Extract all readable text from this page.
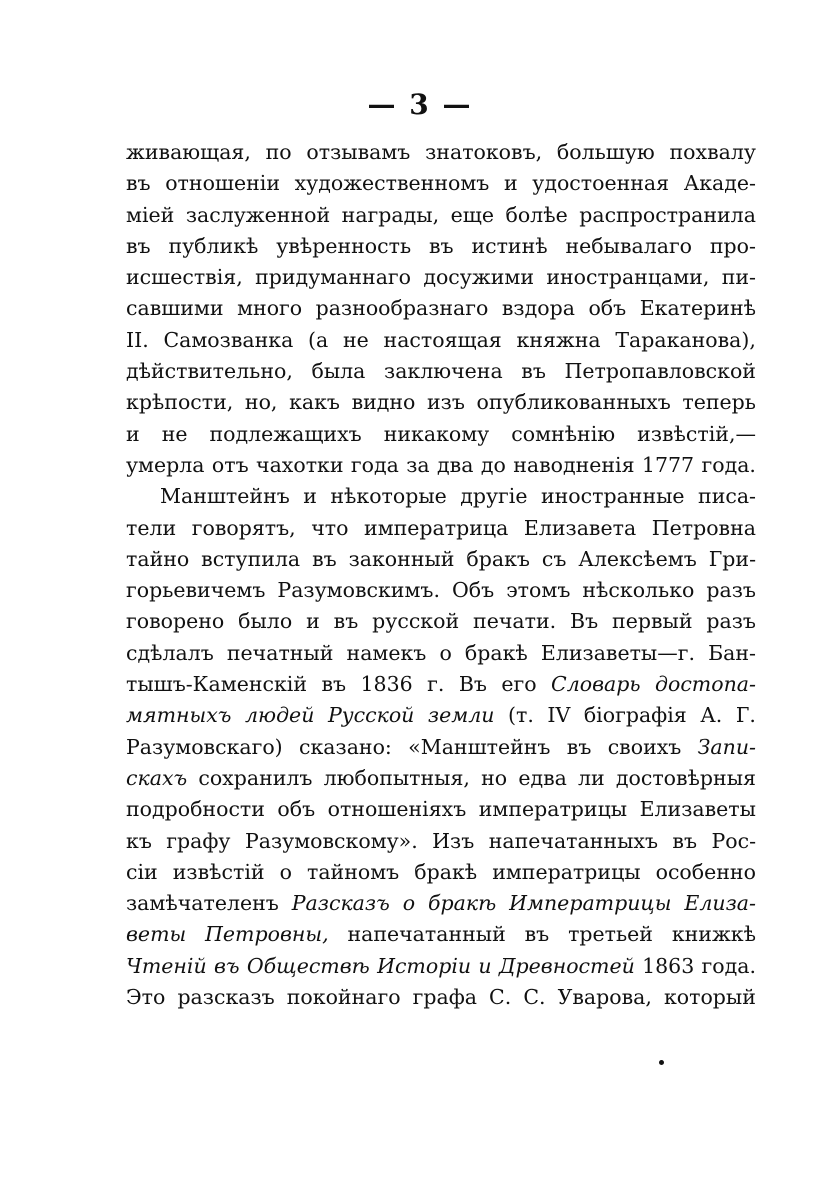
— 3 —
живающая, по отзывамъ знатоковъ, большую похвалу
въ отношеніи художественномъ и удостоенная Акаде-
міей заслуженной награды, еще болѣе распространила
въ публикѣ увѣренность въ истинѣ небывалаго про-
исшествія, придуманнаго досужими иностранцами, пи-
савшими много разнообразнаго вздора объ Екатеринѣ
II. Самозванка (а не настоящая княжна Тараканова),
дѣйствительно, была заключена въ Петропавловской
крѣпости, но, какъ видно изъ опубликованныхъ теперь
и не подлежащихъ никакому сомнѣнію извѣстій,—
умерла отъ чахотки года за два до наводненія 1777 года.
Манштейнъ и нѣкоторые другіе иностранные писа-
тели говорятъ, что императрица Елизавета Петровна
тайно вступила въ законный бракъ съ Алексѣемъ Гри-
горьевичемъ Разумовскимъ. Объ этомъ нѣсколько разъ
говорено было и въ русской печати. Въ первый разъ
сдѣлалъ печатный намекъ о бракѣ Елизаветы—г. Бан-
тышъ-Каменскій въ 1836 г. Въ его Словарь достопа-
мятныхъ людей Русской земли (т. IV біографія А. Г.
Разумовскаго) сказано: «Манштейнъ въ своихъ Запи-
скахъ сохранилъ любопытныя, но едва ли достовѣрныя
подробности объ отношеніяхъ императрицы Елизаветы
къ графу Разумовскому». Изъ напечатанныхъ въ Рос-
сіи извѣстій о тайномъ бракѣ императрицы особенно
замѣчателенъ Разсказъ о бракѣ Императрицы Елиза-
веты Петровны, напечатанный въ третьей книжкѣ
Чтеній въ Обществѣ Исторіи и Древностей 1863 года.
Это разсказъ покойнаго графа С. С. Уварова, который
